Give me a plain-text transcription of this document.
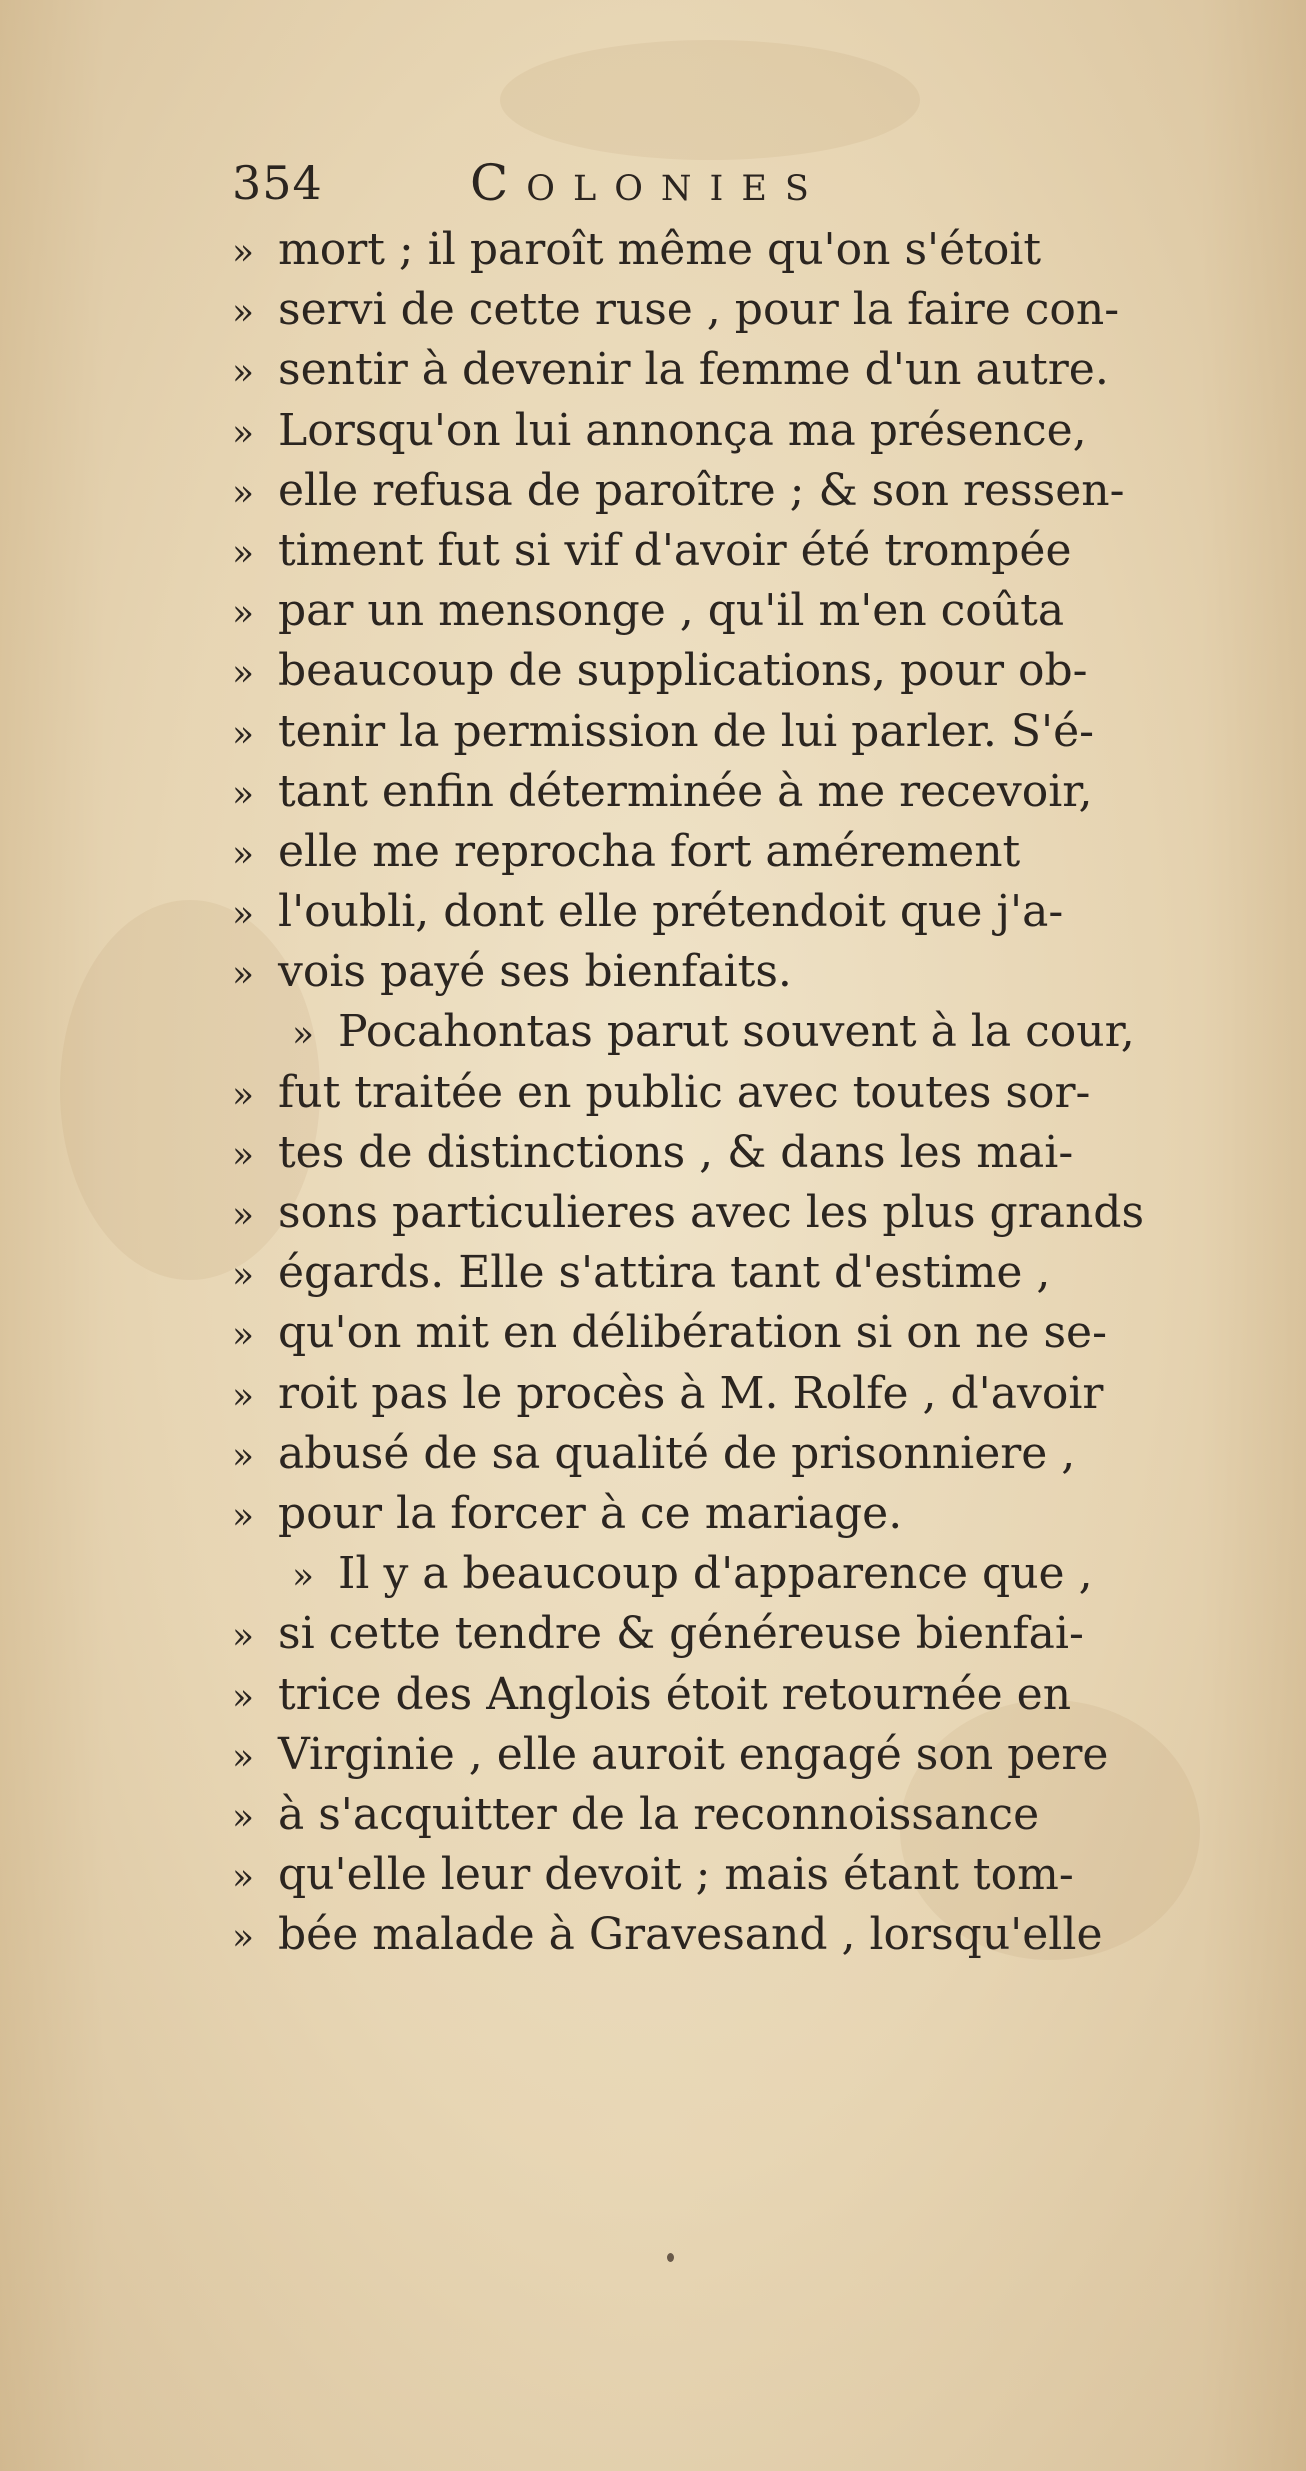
354	Colonies
» mort ; il paroît même qu'on s'étoit
» servi de cette ruse , pour la faire con-
» sentir à devenir la femme d'un autre.
» Lorsqu'on lui annonça ma présence,
» elle refusa de paroître ; & son ressen-
» timent fut si vif d'avoir été trompée
» par un mensonge , qu'il m'en coûta
» beaucoup de supplications, pour ob-
» tenir la permission de lui parler. S'é-
» tant enfin déterminée à me recevoir,
» elle me reprocha fort amérement
» l'oubli, dont elle prétendoit que j'a-
» vois payé ses bienfaits.
» Pocahontas parut souvent à la cour,
» fut traitée en public avec toutes sor-
» tes de distinctions , & dans les mai-
» sons particulieres avec les plus grands
» égards. Elle s'attira tant d'estime ,
» qu'on mit en délibération si on ne se-
» roit pas le procès à M. Rolfe , d'avoir
» abusé de sa qualité de prisonniere ,
» pour la forcer à ce mariage.
» Il y a beaucoup d'apparence que ,
» si cette tendre & généreuse bienfai-
» trice des Anglois étoit retournée en
» Virginie , elle auroit engagé son pere
» à s'acquitter de la reconnoissance
» qu'elle leur devoit ; mais étant tom-
» bée malade à Gravesand , lorsqu'elle
